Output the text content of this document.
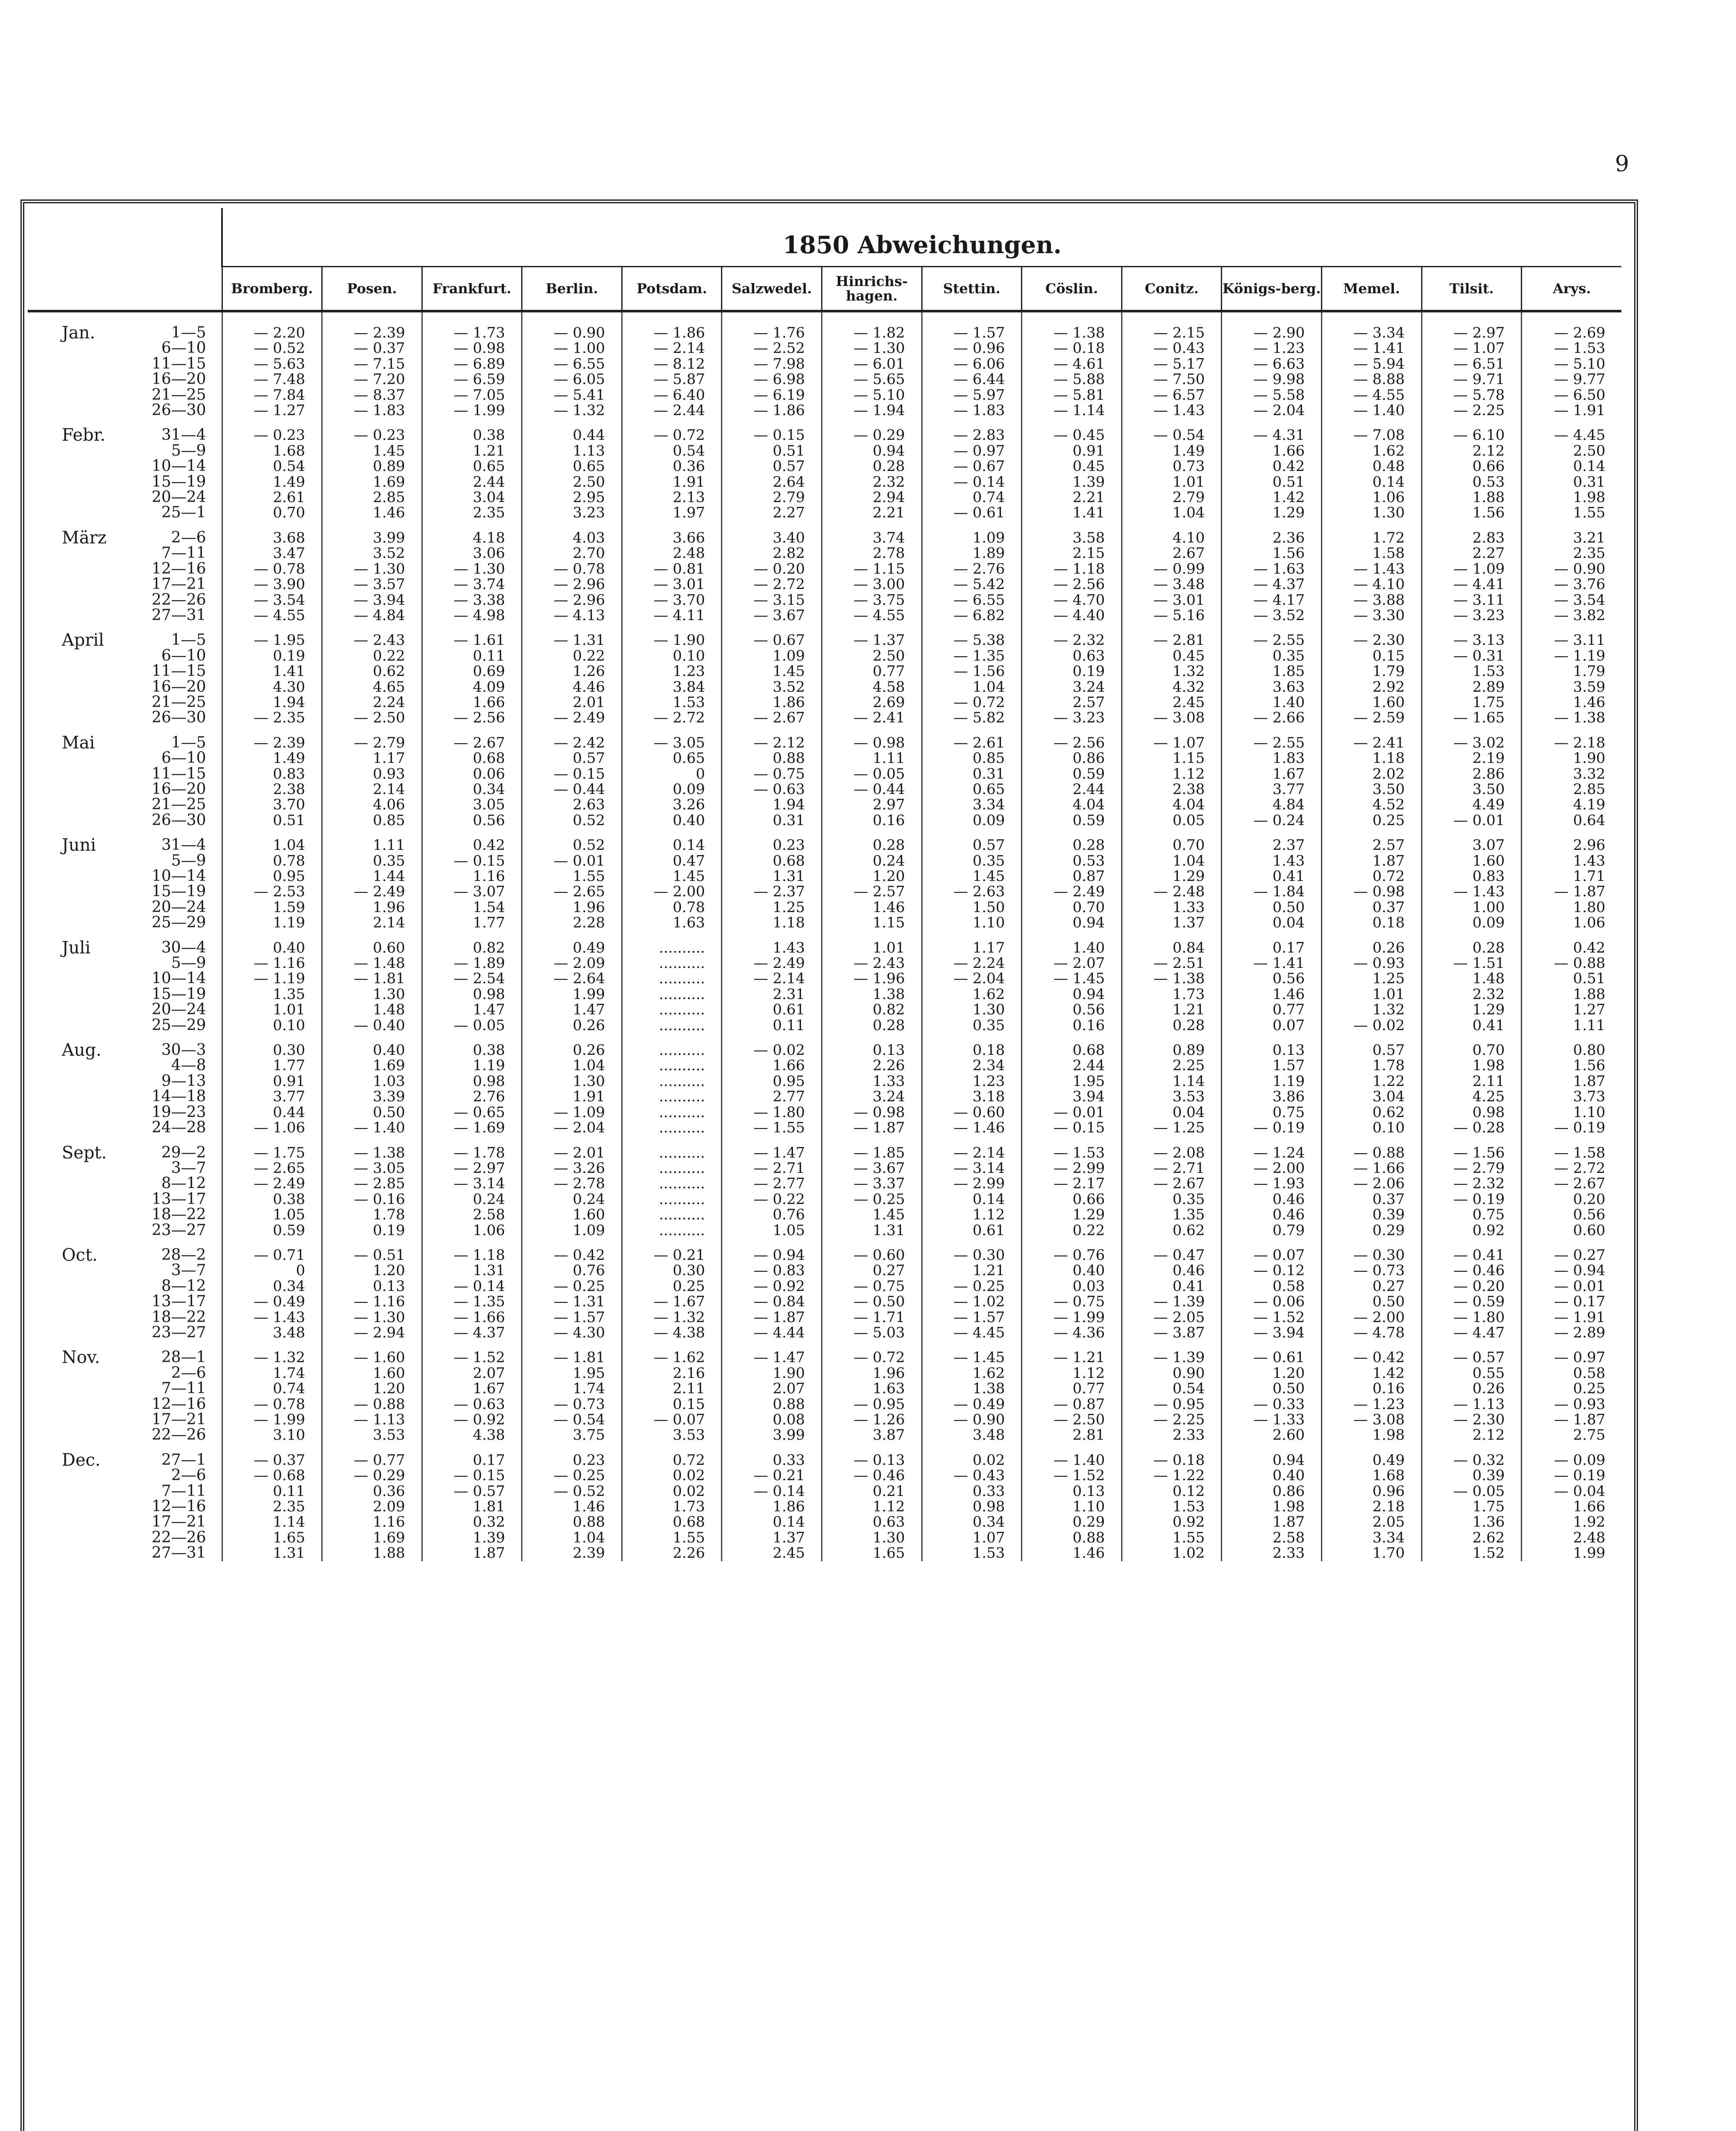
9
	1850 Abweichungen.													
	Bromberg.	Posen.	Frankfurt.	Berlin.	Potsdam.	Salzwedel.	Hinrichs-hagen.	Stettin.	Cöslin.	Conitz.	Königs-berg.	Memel.	Tilsit.	Arys.

Jan. 1—5	— 2.20	— 2.39	— 1.73	— 0.90	— 1.86	— 1.76	— 1.82	— 1.57	— 1.38	— 2.15	— 2.90	— 3.34	— 2.97	— 2.69
6—10	— 0.52	— 0.37	— 0.98	— 1.00	— 2.14	— 2.52	— 1.30	— 0.96	— 0.18	— 0.43	— 1.23	— 1.41	— 1.07	— 1.53
11—15	— 5.63	— 7.15	— 6.89	— 6.55	— 8.12	— 7.98	— 6.01	— 6.06	— 4.61	— 5.17	— 6.63	— 5.94	— 6.51	— 5.10
16—20	— 7.48	— 7.20	— 6.59	— 6.05	— 5.87	— 6.98	— 5.65	— 6.44	— 5.88	— 7.50	— 9.98	— 8.88	— 9.71	— 9.77
21—25	— 7.84	— 8.37	— 7.05	— 5.41	— 6.40	— 6.19	— 5.10	— 5.97	— 5.81	— 6.57	— 5.58	— 4.55	— 5.78	— 6.50
26—30	— 1.27	— 1.83	— 1.99	— 1.32	— 2.44	— 1.86	— 1.94	— 1.83	— 1.14	— 1.43	— 2.04	— 1.40	— 2.25	— 1.91

Febr. 31—4	— 0.23	— 0.23	0.38	0.44	— 0.72	— 0.15	— 0.29	— 2.83	— 0.45	— 0.54	— 4.31	— 7.08	— 6.10	— 4.45
5—9	1.68	1.45	1.21	1.13	0.54	0.51	0.94	— 0.97	0.91	1.49	1.66	1.62	2.12	2.50
10—14	0.54	0.89	0.65	0.65	0.36	0.57	0.28	— 0.67	0.45	0.73	0.42	0.48	0.66	0.14
15—19	1.49	1.69	2.44	2.50	1.91	2.64	2.32	— 0.14	1.39	1.01	0.51	0.14	0.53	0.31
20—24	2.61	2.85	3.04	2.95	2.13	2.79	2.94	0.74	2.21	2.79	1.42	1.06	1.88	1.98
25—1	0.70	1.46	2.35	3.23	1.97	2.27	2.21	— 0.61	1.41	1.04	1.29	1.30	1.56	1.55

März 2—6	3.68	3.99	4.18	4.03	3.66	3.40	3.74	1.09	3.58	4.10	2.36	1.72	2.83	3.21
7—11	3.47	3.52	3.06	2.70	2.48	2.82	2.78	1.89	2.15	2.67	1.56	1.58	2.27	2.35
12—16	— 0.78	— 1.30	— 1.30	— 0.78	— 0.81	— 0.20	— 1.15	— 2.76	— 1.18	— 0.99	— 1.63	— 1.43	— 1.09	— 0.90
17—21	— 3.90	— 3.57	— 3.74	— 2.96	— 3.01	— 2.72	— 3.00	— 5.42	— 2.56	— 3.48	— 4.37	— 4.10	— 4.41	— 3.76
22—26	— 3.54	— 3.94	— 3.38	— 2.96	— 3.70	— 3.15	— 3.75	— 6.55	— 4.70	— 3.01	— 4.17	— 3.88	— 3.11	— 3.54
27—31	— 4.55	— 4.84	— 4.98	— 4.13	— 4.11	— 3.67	— 4.55	— 6.82	— 4.40	— 5.16	— 3.52	— 3.30	— 3.23	— 3.82

April 1—5	— 1.95	— 2.43	— 1.61	— 1.31	— 1.90	— 0.67	— 1.37	— 5.38	— 2.32	— 2.81	— 2.55	— 2.30	— 3.13	— 3.11
6—10	0.19	0.22	0.11	0.22	0.10	1.09	2.50	— 1.35	0.63	0.45	0.35	0.15	— 0.31	— 1.19
11—15	1.41	0.62	0.69	1.26	1.23	1.45	0.77	— 1.56	0.19	1.32	1.85	1.79	1.53	1.79
16—20	4.30	4.65	4.09	4.46	3.84	3.52	4.58	1.04	3.24	4.32	3.63	2.92	2.89	3.59
21—25	1.94	2.24	1.66	2.01	1.53	1.86	2.69	— 0.72	2.57	2.45	1.40	1.60	1.75	1.46
26—30	— 2.35	— 2.50	— 2.56	— 2.49	— 2.72	— 2.67	— 2.41	— 5.82	— 3.23	— 3.08	— 2.66	— 2.59	— 1.65	— 1.38

Mai 1—5	— 2.39	— 2.79	— 2.67	— 2.42	— 3.05	— 2.12	— 0.98	— 2.61	— 2.56	— 1.07	— 2.55	— 2.41	— 3.02	— 2.18
6—10	1.49	1.17	0.68	0.57	0.65	0.88	1.11	0.85	0.86	1.15	1.83	1.18	2.19	1.90
11—15	0.83	0.93	0.06	— 0.15	0	— 0.75	— 0.05	0.31	0.59	1.12	1.67	2.02	2.86	3.32
16—20	2.38	2.14	0.34	— 0.44	0.09	— 0.63	— 0.44	0.65	2.44	2.38	3.77	3.50	3.50	2.85
21—25	3.70	4.06	3.05	2.63	3.26	1.94	2.97	3.34	4.04	4.04	4.84	4.52	4.49	4.19
26—30	0.51	0.85	0.56	0.52	0.40	0.31	0.16	0.09	0.59	0.05	— 0.24	0.25	— 0.01	0.64

Juni 31—4	1.04	1.11	0.42	0.52	0.14	0.23	0.28	0.57	0.28	0.70	2.37	2.57	3.07	2.96
5—9	0.78	0.35	— 0.15	— 0.01	0.47	0.68	0.24	0.35	0.53	1.04	1.43	1.87	1.60	1.43
10—14	0.95	1.44	1.16	1.55	1.45	1.31	1.20	1.45	0.87	1.29	0.41	0.72	0.83	1.71
15—19	— 2.53	— 2.49	— 3.07	— 2.65	— 2.00	— 2.37	— 2.57	— 2.63	— 2.49	— 2.48	— 1.84	— 0.98	— 1.43	— 1.87
20—24	1.59	1.96	1.54	1.96	0.78	1.25	1.46	1.50	0.70	1.33	0.50	0.37	1.00	1.80
25—29	1.19	2.14	1.77	2.28	1.63	1.18	1.15	1.10	0.94	1.37	0.04	0.18	0.09	1.06

Juli 30—4	0.40	0.60	0.82	0.49	..........	1.43	1.01	1.17	1.40	0.84	0.17	0.26	0.28	0.42
5—9	— 1.16	— 1.48	— 1.89	— 2.09	..........	— 2.49	— 2.43	— 2.24	— 2.07	— 2.51	— 1.41	— 0.93	— 1.51	— 0.88
10—14	— 1.19	— 1.81	— 2.54	— 2.64	..........	— 2.14	— 1.96	— 2.04	— 1.45	— 1.38	0.56	1.25	1.48	0.51
15—19	1.35	1.30	0.98	1.99	..........	2.31	1.38	1.62	0.94	1.73	1.46	1.01	2.32	1.88
20—24	1.01	1.48	1.47	1.47	..........	0.61	0.82	1.30	0.56	1.21	0.77	1.32	1.29	1.27
25—29	0.10	— 0.40	— 0.05	0.26	..........	0.11	0.28	0.35	0.16	0.28	0.07	— 0.02	0.41	1.11

Aug. 30—3	0.30	0.40	0.38	0.26	..........	— 0.02	0.13	0.18	0.68	0.89	0.13	0.57	0.70	0.80
4—8	1.77	1.69	1.19	1.04	..........	1.66	2.26	2.34	2.44	2.25	1.57	1.78	1.98	1.56
9—13	0.91	1.03	0.98	1.30	..........	0.95	1.33	1.23	1.95	1.14	1.19	1.22	2.11	1.87
14—18	3.77	3.39	2.76	1.91	..........	2.77	3.24	3.18	3.94	3.53	3.86	3.04	4.25	3.73
19—23	0.44	0.50	— 0.65	— 1.09	..........	— 1.80	— 0.98	— 0.60	— 0.01	0.04	0.75	0.62	0.98	1.10
24—28	— 1.06	— 1.40	— 1.69	— 2.04	..........	— 1.55	— 1.87	— 1.46	— 0.15	— 1.25	— 0.19	0.10	— 0.28	— 0.19

Sept. 29—2	— 1.75	— 1.38	— 1.78	— 2.01	..........	— 1.47	— 1.85	— 2.14	— 1.53	— 2.08	— 1.24	— 0.88	— 1.56	— 1.58
3—7	— 2.65	— 3.05	— 2.97	— 3.26	..........	— 2.71	— 3.67	— 3.14	— 2.99	— 2.71	— 2.00	— 1.66	— 2.79	— 2.72
8—12	— 2.49	— 2.85	— 3.14	— 2.78	..........	— 2.77	— 3.37	— 2.99	— 2.17	— 2.67	— 1.93	— 2.06	— 2.32	— 2.67
13—17	0.38	— 0.16	0.24	0.24	..........	— 0.22	— 0.25	0.14	0.66	0.35	0.46	0.37	— 0.19	0.20
18—22	1.05	1.78	2.58	1.60	..........	0.76	1.45	1.12	1.29	1.35	0.46	0.39	0.75	0.56
23—27	0.59	0.19	1.06	1.09	..........	1.05	1.31	0.61	0.22	0.62	0.79	0.29	0.92	0.60

Oct. 28—2	— 0.71	— 0.51	— 1.18	— 0.42	— 0.21	— 0.94	— 0.60	— 0.30	— 0.76	— 0.47	— 0.07	— 0.30	— 0.41	— 0.27
3—7	0	1.20	1.31	0.76	0.30	— 0.83	0.27	1.21	0.40	0.46	— 0.12	— 0.73	— 0.46	— 0.94
8—12	0.34	0.13	— 0.14	— 0.25	0.25	— 0.92	— 0.75	— 0.25	0.03	0.41	0.58	0.27	— 0.20	— 0.01
13—17	— 0.49	— 1.16	— 1.35	— 1.31	— 1.67	— 0.84	— 0.50	— 1.02	— 0.75	— 1.39	— 0.06	0.50	— 0.59	— 0.17
18—22	— 1.43	— 1.30	— 1.66	— 1.57	— 1.32	— 1.87	— 1.71	— 1.57	— 1.99	— 2.05	— 1.52	— 2.00	— 1.80	— 1.91
23—27	3.48	— 2.94	— 4.37	— 4.30	— 4.38	— 4.44	— 5.03	— 4.45	— 4.36	— 3.87	— 3.94	— 4.78	— 4.47	— 2.89

Nov. 28—1	— 1.32	— 1.60	— 1.52	— 1.81	— 1.62	— 1.47	— 0.72	— 1.45	— 1.21	— 1.39	— 0.61	— 0.42	— 0.57	— 0.97
2—6	1.74	1.60	2.07	1.95	2.16	1.90	1.96	1.62	1.12	0.90	1.20	1.42	0.55	0.58
7—11	0.74	1.20	1.67	1.74	2.11	2.07	1.63	1.38	0.77	0.54	0.50	0.16	0.26	0.25
12—16	— 0.78	— 0.88	— 0.63	— 0.73	0.15	0.88	— 0.95	— 0.49	— 0.87	— 0.95	— 0.33	— 1.23	— 1.13	— 0.93
17—21	— 1.99	— 1.13	— 0.92	— 0.54	— 0.07	0.08	— 1.26	— 0.90	— 2.50	— 2.25	— 1.33	— 3.08	— 2.30	— 1.87
22—26	3.10	3.53	4.38	3.75	3.53	3.99	3.87	3.48	2.81	2.33	2.60	1.98	2.12	2.75

Dec. 27—1	— 0.37	— 0.77	0.17	0.23	0.72	0.33	— 0.13	0.02	— 1.40	— 0.18	0.94	0.49	— 0.32	— 0.09
2—6	— 0.68	— 0.29	— 0.15	— 0.25	0.02	— 0.21	— 0.46	— 0.43	— 1.52	— 1.22	0.40	1.68	0.39	— 0.19
7—11	0.11	0.36	— 0.57	— 0.52	0.02	— 0.14	0.21	0.33	0.13	0.12	0.86	0.96	— 0.05	— 0.04
12—16	2.35	2.09	1.81	1.46	1.73	1.86	1.12	0.98	1.10	1.53	1.98	2.18	1.75	1.66
17—21	1.14	1.16	0.32	0.88	0.68	0.14	0.63	0.34	0.29	0.92	1.87	2.05	1.36	1.92
22—26	1.65	1.69	1.39	1.04	1.55	1.37	1.30	1.07	0.88	1.55	2.58	3.34	2.62	2.48
27—31	1.31	1.88	1.87	2.39	2.26	2.45	1.65	1.53	1.46	1.02	2.33	1.70	1.52	1.99
